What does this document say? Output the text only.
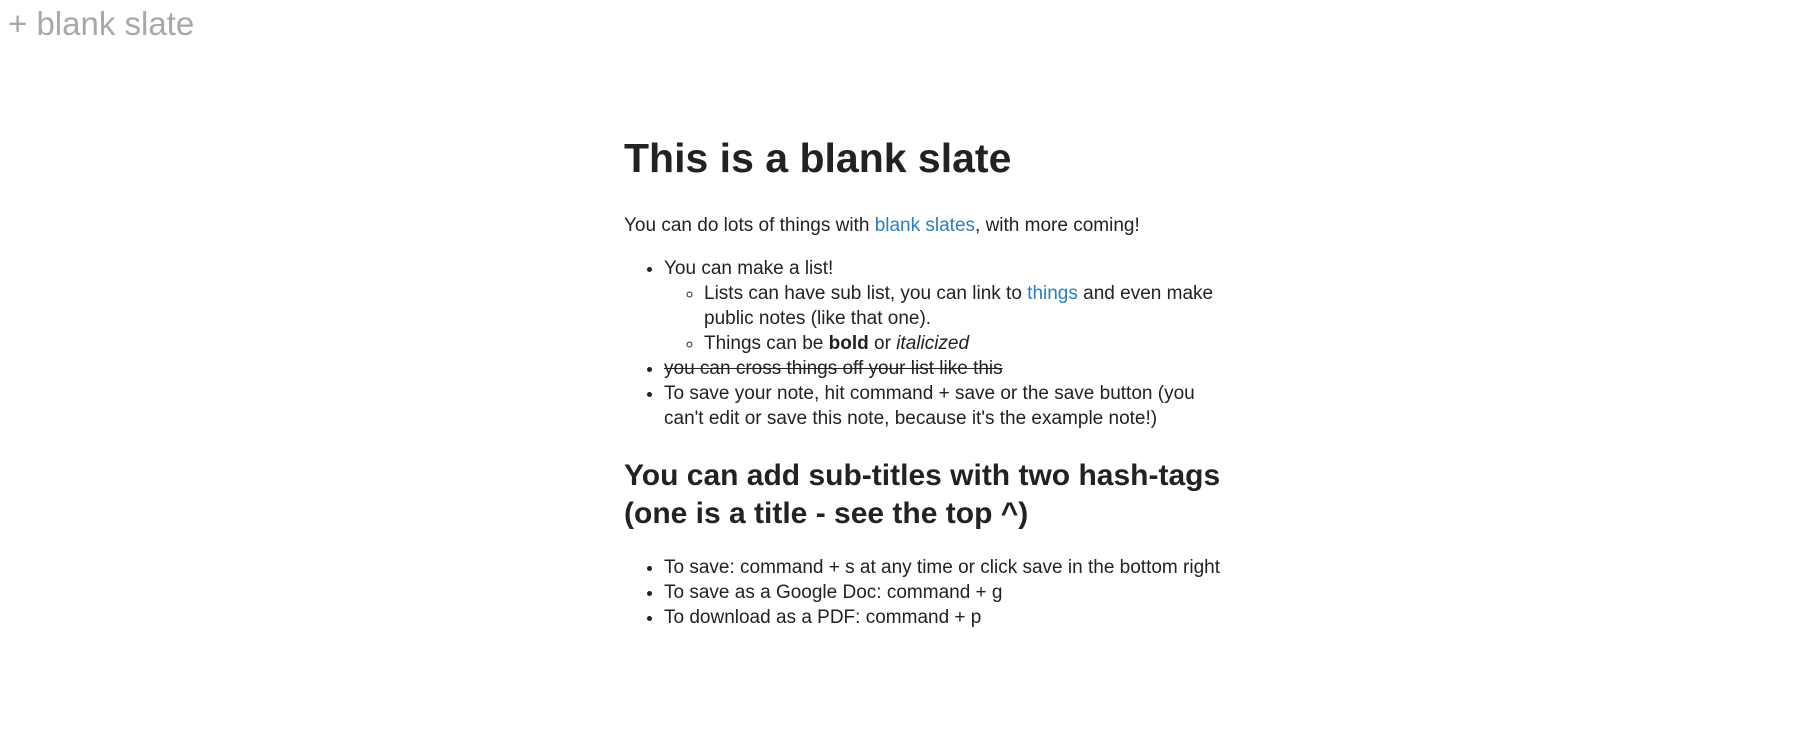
+ blank slate
This is a blank slate

You can do lots of things with blank slates, with more coming!

• You can make a list!
◦ Lists can have sub list, you can link to things and even make public notes (like that one).
◦ Things can be bold or italicized
• you can cross things off your list like this
• To save your note, hit command + save or the save button (you can't edit or save this note, because it's the example note!)
You can add sub-titles with two hash-tags (one is a title - see the top ^)
• To save: command + s at any time or click save in the bottom right
• To save as a Google Doc: command + g
• To download as a PDF: command + p
